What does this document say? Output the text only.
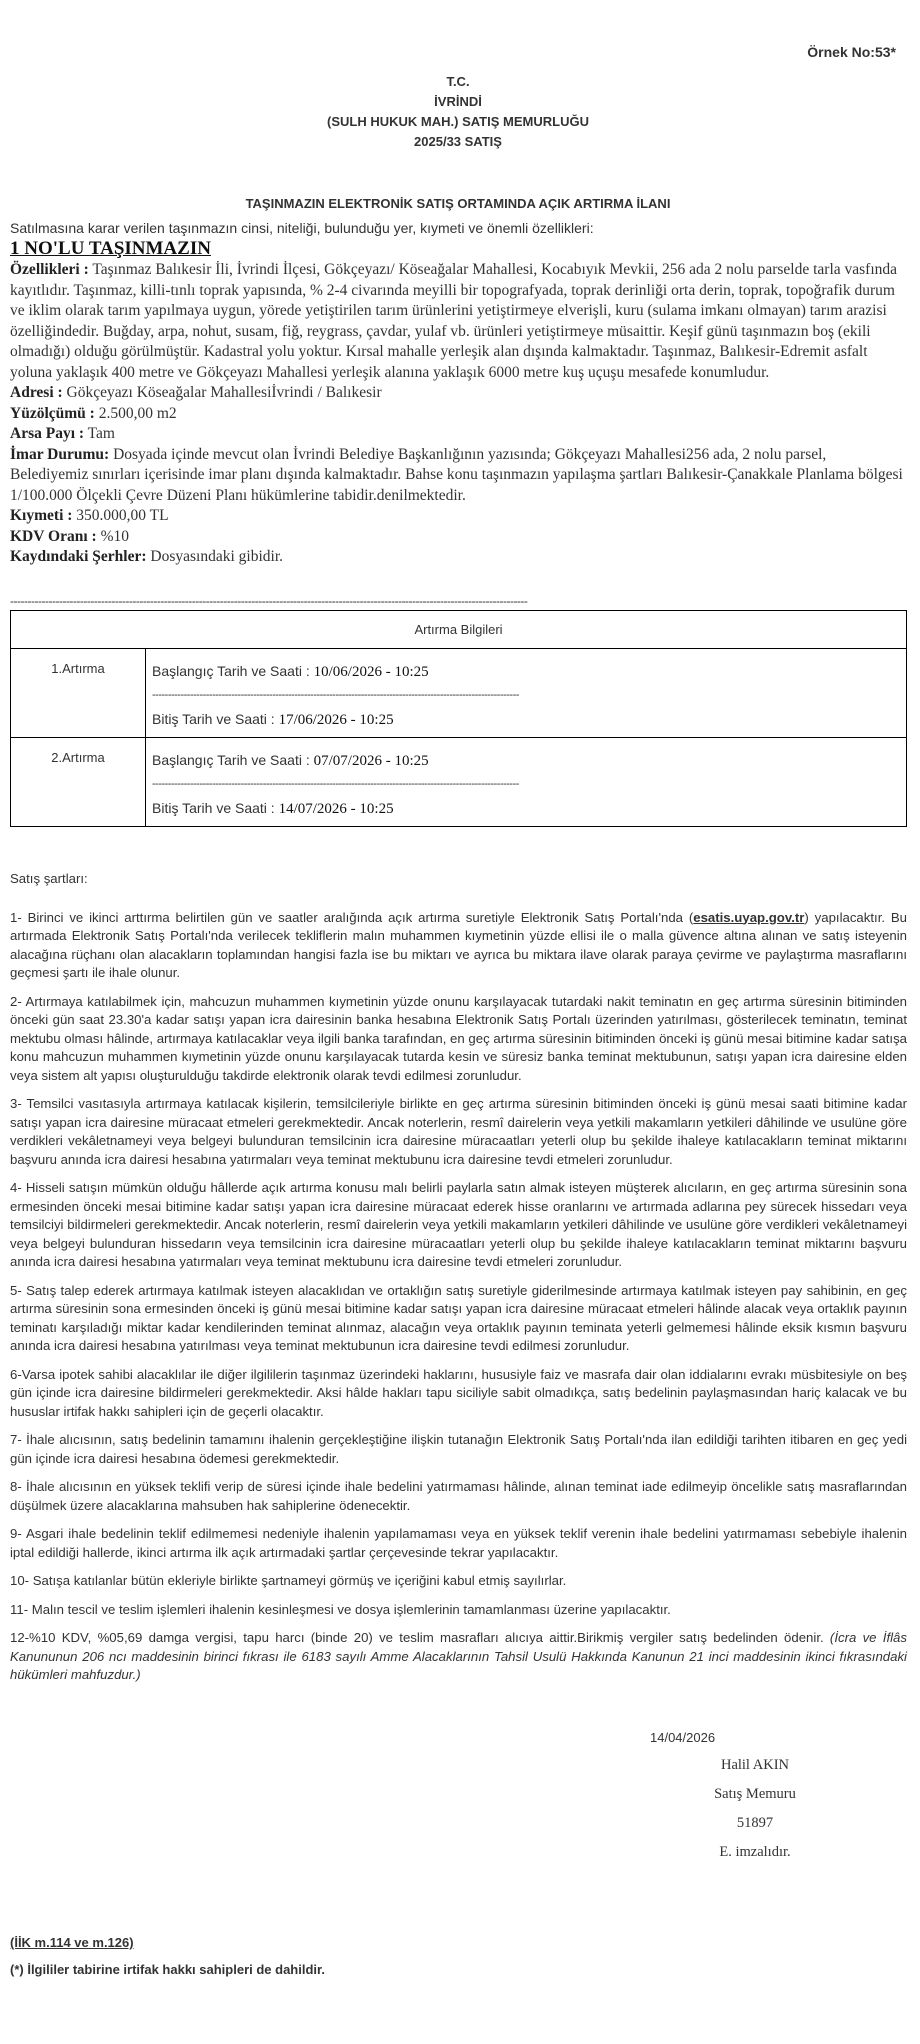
Örnek No:53*
T.C.
İVRİNDİ
(SULH HUKUK MAH.) SATIŞ MEMURLUĞU
2025/33 SATIŞ
TAŞINMAZIN ELEKTRONİK SATIŞ ORTAMINDA AÇIK ARTIRMA İLANI
Satılmasına karar verilen taşınmazın cinsi, niteliği, bulunduğu yer, kıymeti ve önemli özellikleri:
1 NO'LU TAŞINMAZIN

Özellikleri : Taşınmaz Balıkesir İli, İvrindi İlçesi, Gökçeyazı/ Köseağalar Mahallesi, Kocabıyık Mevkii, 256 ada 2 nolu parselde tarla vasfında kayıtlıdır. Taşınmaz, killi-tınlı toprak yapısında, % 2-4 civarında meyilli bir topografyada, toprak derinliği orta derin, toprak, topoğrafik durum ve iklim olarak tarım yapılmaya uygun, yörede yetiştirilen tarım ürünlerini yetiştirmeye elverişli, kuru (sulama imkanı olmayan) tarım arazisi özelliğindedir. Buğday, arpa, nohut, susam, fiğ, reygrass, çavdar, yulaf vb. ürünleri yetiştirmeye müsaittir. Keşif günü taşınmazın boş (ekili olmadığı) olduğu görülmüştür. Kadastral yolu yoktur. Kırsal mahalle yerleşik alan dışında kalmaktadır. Taşınmaz, Balıkesir-Edremit asfalt yoluna yaklaşık 400 metre ve Gökçeyazı Mahallesi yerleşik alanına yaklaşık 6000 metre kuş uçuşu mesafede konumludur.

Adresi : Gökçeyazı Köseağalar Mahallesiİvrindi / Balıkesir

Yüzölçümü : 2.500,00 m2

Arsa Payı : Tam

İmar Durumu: Dosyada içinde mevcut olan İvrindi Belediye Başkanlığının yazısında; Gökçeyazı Mahallesi256 ada, 2 nolu parsel, Belediyemiz sınırları içerisinde imar planı dışında kalmaktadır. Bahse konu taşınmazın yapılaşma şartları Balıkesir-Çanakkale Planlama bölgesi 1/100.000 Ölçekli Çevre Düzeni Planı hükümlerine tabidir.denilmektedir.

Kıymeti : 350.000,00 TL

KDV Oranı : %10

Kaydındaki Şerhler: Dosyasındaki gibidir.

----------------------------------------------------------------------------------------------------------------------------------------------------
Artırma Bilgileri	
1.Artırma	Başlangıç Tarih ve Saati : 10/06/2026 - 10:25
--------------------------------------------------------------------------------------------------------------------
Bitiş Tarih ve Saati : 17/06/2026 - 10:25

2.Artırma	Başlangıç Tarih ve Saati : 07/07/2026 - 10:25
--------------------------------------------------------------------------------------------------------------------
Bitiş Tarih ve Saati : 14/07/2026 - 10:25

Satış şartları:

1- Birinci ve ikinci arttırma belirtilen gün ve saatler aralığında açık artırma suretiyle Elektronik Satış Portalı'nda (esatis.uyap.gov.tr) yapılacaktır. Bu artırmada Elektronik Satış Portalı'nda verilecek tekliflerin malın muhammen kıymetinin yüzde ellisi ile o malla güvence altına alınan ve satış isteyenin alacağına rüçhanı olan alacakların toplamından hangisi fazla ise bu miktarı ve ayrıca bu miktara ilave olarak paraya çevirme ve paylaştırma masraflarını geçmesi şartı ile ihale olunur.

2- Artırmaya katılabilmek için, mahcuzun muhammen kıymetinin yüzde onunu karşılayacak tutardaki nakit teminatın en geç artırma süresinin bitiminden önceki gün saat 23.30'a kadar satışı yapan icra dairesinin banka hesabına Elektronik Satış Portalı üzerinden yatırılması, gösterilecek teminatın, teminat mektubu olması hâlinde, artırmaya katılacaklar veya ilgili banka tarafından, en geç artırma süresinin bitiminden önceki iş günü mesai bitimine kadar satışa konu mahcuzun muhammen kıymetinin yüzde onunu karşılayacak tutarda kesin ve süresiz banka teminat mektubunun, satışı yapan icra dairesine elden veya sistem alt yapısı oluşturulduğu takdirde elektronik olarak tevdi edilmesi zorunludur.

3- Temsilci vasıtasıyla artırmaya katılacak kişilerin, temsilcileriyle birlikte en geç artırma süresinin bitiminden önceki iş günü mesai saati bitimine kadar satışı yapan icra dairesine müracaat etmeleri gerekmektedir. Ancak noterlerin, resmî dairelerin veya yetkili makamların yetkileri dâhilinde ve usulüne göre verdikleri vekâletnameyi veya belgeyi bulunduran temsilcinin icra dairesine müracaatları yeterli olup bu şekilde ihaleye katılacakların teminat miktarını başvuru anında icra dairesi hesabına yatırmaları veya teminat mektubunu icra dairesine tevdi etmeleri zorunludur.

4- Hisseli satışın mümkün olduğu hâllerde açık artırma konusu malı belirli paylarla satın almak isteyen müşterek alıcıların, en geç artırma süresinin sona ermesinden önceki mesai bitimine kadar satışı yapan icra dairesine müracaat ederek hisse oranlarını ve artırmada adlarına pey sürecek hissedarı veya temsilciyi bildirmeleri gerekmektedir. Ancak noterlerin, resmî dairelerin veya yetkili makamların yetkileri dâhilinde ve usulüne göre verdikleri vekâletnameyi veya belgeyi bulunduran hissedarın veya temsilcinin icra dairesine müracaatları yeterli olup bu şekilde ihaleye katılacakların teminat miktarını başvuru anında icra dairesi hesabına yatırmaları veya teminat mektubunu icra dairesine tevdi etmeleri zorunludur.

5- Satış talep ederek artırmaya katılmak isteyen alacaklıdan ve ortaklığın satış suretiyle giderilmesinde artırmaya katılmak isteyen pay sahibinin, en geç artırma süresinin sona ermesinden önceki iş günü mesai bitimine kadar satışı yapan icra dairesine müracaat etmeleri hâlinde alacak veya ortaklık payının teminatı karşıladığı miktar kadar kendilerinden teminat alınmaz, alacağın veya ortaklık payının teminata yeterli gelmemesi hâlinde eksik kısmın başvuru anında icra dairesi hesabına yatırılması veya teminat mektubunun icra dairesine tevdi edilmesi zorunludur.

6-Varsa ipotek sahibi alacaklılar ile diğer ilgililerin taşınmaz üzerindeki haklarını, hususiyle faiz ve masrafa dair olan iddialarını evrakı müsbitesiyle on beş gün içinde icra dairesine bildirmeleri gerekmektedir. Aksi hâlde hakları tapu siciliyle sabit olmadıkça, satış bedelinin paylaşmasından hariç kalacak ve bu hususlar irtifak hakkı sahipleri için de geçerli olacaktır.

7- İhale alıcısının, satış bedelinin tamamını ihalenin gerçekleştiğine ilişkin tutanağın Elektronik Satış Portalı'nda ilan edildiği tarihten itibaren en geç yedi gün içinde icra dairesi hesabına ödemesi gerekmektedir.

8- İhale alıcısının en yüksek teklifi verip de süresi içinde ihale bedelini yatırmaması hâlinde, alınan teminat iade edilmeyip öncelikle satış masraflarından düşülmek üzere alacaklarına mahsuben hak sahiplerine ödenecektir.

9- Asgari ihale bedelinin teklif edilmemesi nedeniyle ihalenin yapılamaması veya en yüksek teklif verenin ihale bedelini yatırmaması sebebiyle ihalenin iptal edildiği hallerde, ikinci artırma ilk açık artırmadaki şartlar çerçevesinde tekrar yapılacaktır.

10- Satışa katılanlar bütün ekleriyle birlikte şartnameyi görmüş ve içeriğini kabul etmiş sayılırlar.

11- Malın tescil ve teslim işlemleri ihalenin kesinleşmesi ve dosya işlemlerinin tamamlanması üzerine yapılacaktır.

12-%10 KDV, %05,69 damga vergisi, tapu harcı (binde 20) ve teslim masrafları alıcıya aittir.Birikmiş vergiler satış bedelinden ödenir. (İcra ve İflâs Kanununun 206 ncı maddesinin birinci fıkrası ile 6183 sayılı Amme Alacaklarının Tahsil Usulü Hakkında Kanunun 21 inci maddesinin ikinci fıkrasındaki hükümleri mahfuzdur.)

14/04/2026
Halil AKIN
Satış Memuru
51897
E. imzalıdır.
(İİK m.114 ve m.126)
(*) İlgililer tabirine irtifak hakkı sahipleri de dahildir.
